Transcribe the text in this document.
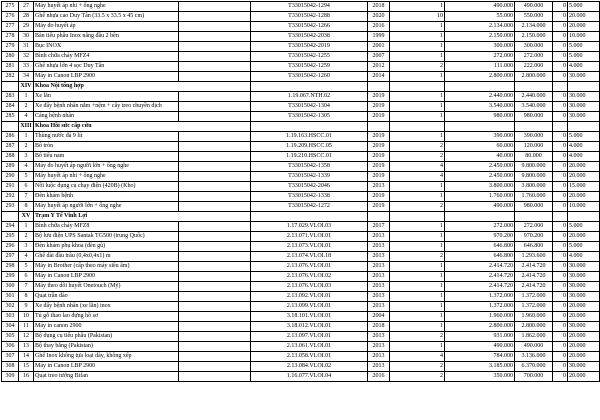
275	27	Máy huyết áp nhi + ống nghe		T33015042-1294	2018	1	490.000	490.000	0	5.000
276	28	Ghế nhựa cao Duy Tân (33.5 x 33.5 x 45 cm)		T33015042-1288	2020	10	55.000	550.000	0	20.000
277	29	Máy đo huyết áp		T33015042-1266	2016	1	2.134.000	2.134.000	0	20.000
278	30	Bàn tiểu phẫu Inox nâng đầu 2 bên		T33015042-2038	1999	1	2.150.000	2.150.000	0	10.000
279	31	Bục INOX		T33015042-2019	2001	1	300.000	300.000	0	5.000
280	32	Bình chữa cháy MFZ4		T33015042-1255	2007	1	272.000	272.000	0	5.000
281	33	Ghế nhựa lớn 4 sọc Duy Tân		T33015042-1259	2012	2	111.000	222.000	0	4.000
282	34	Máy in Canon LBP 2900		T33015042-1260	2014	1	2.800.000	2.800.000	0	30.000
	XIV	Khoa Nội tổng hợp								
283	1	Xe lăn		1.19.067.NTH.02	2019	1	2.440.000	2.440.000	0	30.000
284	2	Xe đẩy bệnh nhân nằm +nệm + cây treo chuyền dịch		T33015042-1304	2019	1	3.540.000	3.540.000	0	30.000
285	4	Cáng bệnh nhân		T33015042-1305	2019	1	980.000	980.000	0	30.000
	XIII	Khoa Hồi sức cấp cứu								
286	1	Thùng nước đá 9 lít		1.19.163.HSCC.01	2019	1	390.000	390.000	0	5.000
287	2	Bô tròn		1.19.209.HSCC.05	2019	2	60.000	120.000	0	4.000
288	3	Bô tiểu nam		1.19.210.HSCC.01	2019	2	40.000	80.000	0	4.000
289	4	Máy đo huyết áp người lớn + ống nghe		T33015042-1358	2019	4	2.450.000	9.800.000	0	20.000
290	5	Máy huyết áp nhi + ống nghe		T33015042-1339	2019	4	2.450.000	9.800.000	0	20.000
291	6	Nồi luộc dụng cụ chạy điện (420B) (Kho)		T33015042-2046	2013	1	3.800.000	3.800.000	0	15.000
292	7	Đèn khám bệnh		T33015042-1338	2019	1	1.760.000	1.760.000	0	20.000
293	8	Máy huyết áp người lớn + ống nghe		T33015042-1272	2019	2	490.000	980.000	0	10.000
	XV	Trạm Y Tế Vĩnh Lợi								
294	1	Bình chữa cháy MFZ8		1.17.029.VLOI.03	2017	1	272.000	272.000	0	5.000
295	2	Bộ lưu điện UPS Santak TG500 (trung Quốc)		2.13.071.VLOI.01	2013	1	970.200	970.200	0	20.000
296	3	Đèn khám phụ khoa (đèn gù)		2.13.073.VLOI.01	2013	1	646.800	646.800	0	5.000
297	4	Ghế dài đầu trâu (0,4x0,4x1) m		2.13.074.VLOI.18	2013	2	646.800	1.293.600	0	4.000
298	5	Máy in Brother (cấp theo máy siêu âm)		2.13.076.VLOI.01	2013	1	2.414.720	2.414.720	0	30.000
299	6	Máy in Canon LBP 2900		2.13.076.VLOI.02	2013	1	2.414.720	2.414.720	0	30.000
300	7	Máy theo dõi huyết Onetouch (Mỹ)		2.13.076.VLOI.03	2013	1	2.414.720	2.414.720	0	30.000
301	8	Quạt trần đảo		2.13.092.VLOI.01	2013	1	1.372.000	1.372.000	0	30.000
302	9	Xe đẩy bệnh nhân (xe lăn) inox		2.13.099.VLOI.01	2013	1	1.372.000	1.372.000	0	20.000
303	10	Tủ gỗ thao lao đựng hồ sơ		3.18.101.VLOI.01	2004	1	1.960.000	1.960.000	0	20.000
304	11	Máy in canon 2900		3.18.012.VLOI.01	2018	1	2.800.000	2.800.000	0	30.000
305	12	Bộ dụng cụ tiểu phẫu (Pakistan)		2.13.097.VLOI.01	2013	2	931.000	1.862.000	0	20.000
306	13	Bộ thay băng (Pakistan)		2.13.061.VLOI.01	2013	1	490.000	490.000	0	20.000
307	14	Ghế Inox không tựa loại dày, không xếp		2.13.058.VLOI.01	2013	4	784.000	3.136.000	0	20.000
308	15	Máy in Canon LBP 2900		2.13.084.VLOI.02	2013	2	3.185.000	6.370.000	0	30.000
309	16	Quạt treo tường Bifan		1.16.077.VLOI.04	2016	2	350.000	700.000	0	20.000
